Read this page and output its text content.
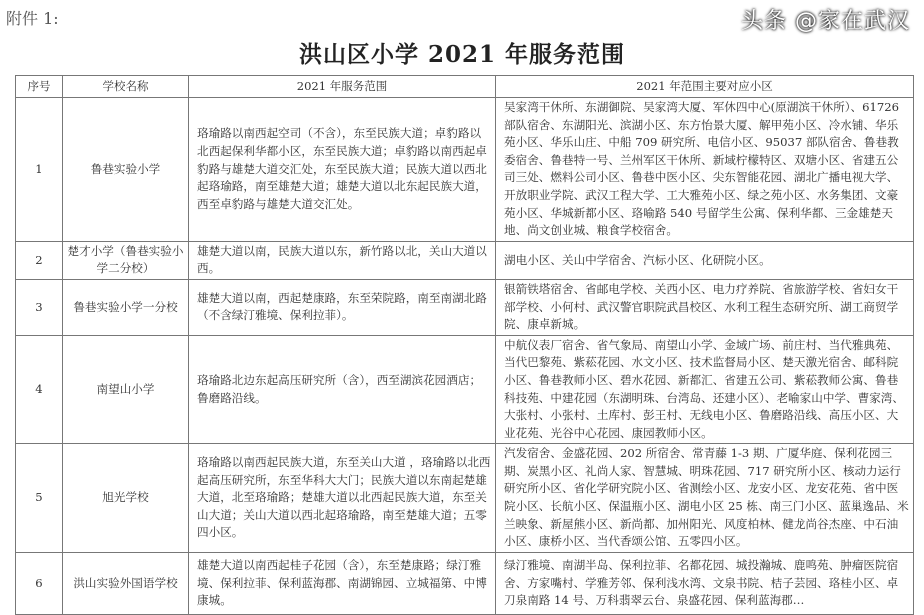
附件 1:
洪山区小学 2021 年服务范围
序号	学校名称	2021 年服务范围	2021 年范围主要对应小区
1	鲁巷实验小学	珞瑜路以南西起空司（不含），东至民族大道；卓豹路以北西起保利华都小区，东至民族大道；卓豹路以南西起卓豹路与雄楚大道交汇处，东至民族大道；民族大道以西北起珞瑜路，南至雄楚大道；雄楚大道以北东起民族大道，西至卓豹路与雄楚大道交汇处。	吴家湾干休所、东湖御院、吴家湾大厦、军休四中心(原湖滨干休所）、61726 部队宿舍、东湖阳光、滨湖小区、东方怡景大厦、解甲苑小区、冷水铺、华乐苑小区、华乐山庄、中船 709 研究所、电信小区、95037 部队宿舍、鲁巷教委宿舍、鲁巷特一号、兰州军区干休所、新域柠檬特区、双塘小区、省建五公司三处、燃料公司小区、鲁巷中医小区、尖东智能花园、湖北广播电视大学、开放职业学院、武汉工程大学、工大雅苑小区、绿之苑小区、水务集团、文豪苑小区、华城新都小区、珞喻路 540 号留学生公寓、保利华都、三金雄楚天地、尚文创业城、粮食学校宿舍。
2	楚才小学（鲁巷实验小学二分校）	雄楚大道以南，民族大道以东，新竹路以北，关山大道以西。	湖电小区、关山中学宿舍、汽标小区、化研院小区。
3	鲁巷实验小学一分校	雄楚大道以南，西起楚康路，东至荣院路，南至南湖北路（不含绿汀雅境、保利拉菲）。	银箭铁塔宿舍、省邮电学校、关西小区、电力疗养院、省旅游学校、省妇女干部学校、小何村、武汉警官职院武昌校区、水利工程生态研究所、湖工商贸学院、康卓新城。
4	南望山小学	珞瑜路北边东起高压研究所（含），西至湖滨花园酒店；鲁磨路沿线。	中航仪表厂宿舍、省气象局、南望山小学、金域广场、前庄村、当代雅典苑、当代巴黎苑、紫菘花园、水文小区、技术监督局小区、楚天激光宿舍、邮科院小区、鲁巷教师小区、碧水花园、新都汇、省建五公司、紫菘教师公寓、鲁巷科技苑、中建花园（东湖明珠、台湾岛、还建小区）、老喻家山中学、曹家湾、大张村、小张村、土库村、彭王村、无线电小区、鲁磨路沿线、高压小区、大业花苑、光谷中心花园、康园教师小区。
5	旭光学校	珞瑜路以南西起民族大道，东至关山大道 ，珞瑜路以北西起高压研究所，东至华科大大门；民族大道以东南起楚雄大道，北至珞瑜路；楚雄大道以北西起民族大道，东至关山大道；关山大道以西北起珞瑜路，南至楚雄大道；五零四小区。	汽发宿舍、金盛花园、202 所宿舍、常青藤 1-3 期、广厦华庭、保利花园三期、炭黑小区、礼尚人家、智慧城、明珠花园、717 研究所小区、核动力运行研究所小区、省化学研究院小区、省测绘小区、龙安小区、龙安花苑、省中医院小区、长航小区、保温瓶小区、湖电小区 25 栋、南三门小区、蓝巢逸品、米兰映象、新屋熊小区、新尚都、加州阳光、风度柏林、健龙尚谷杰座、中石油小区、康桥小区、当代香颂公馆、五零四小区。
6	洪山实验外国语学校	雄楚大道以南西起桂子花园（含），东至楚康路；绿汀雅境、保利拉菲、保利蓝海郡、南湖锦园、立城福第、中博康城。	绿汀雅境、南湖半岛、保利拉菲、名都花园、城投瀚城、鹿鸣苑、肿瘤医院宿舍、方家嘴村、学雅芳邻、保利浅水湾、文泉书院、桔子芸园、珞桂小区、卓刀泉南路 14 号、万科翡翠云台、泉盛花园、保利蓝海郡…
头条 @家在武汉
